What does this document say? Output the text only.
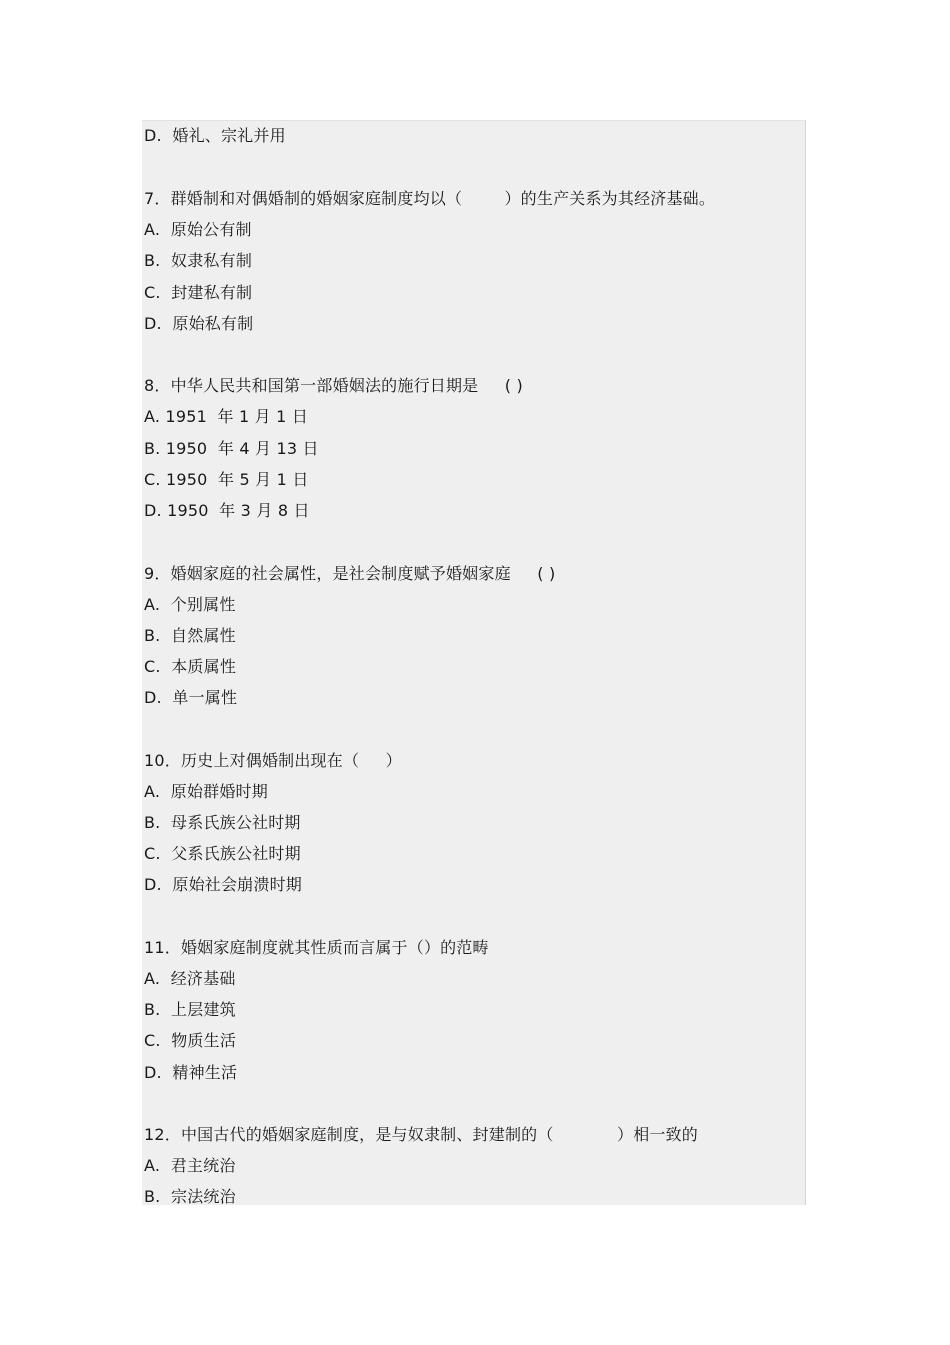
D.  婚礼、宗礼并用
7．群婚制和对偶婚制的婚姻家庭制度均以（        ）的生产关系为其经济基础。
A.  原始公有制
B.  奴隶私有制
C.  封建私有制
D.  原始私有制
8．中华人民共和国第一部婚姻法的施行日期是     ( )
A. 1951  年 1 月 1 日
B. 1950  年 4 月 13 日
C. 1950  年 5 月 1 日
D. 1950  年 3 月 8 日
9．婚姻家庭的社会属性，是社会制度赋予婚姻家庭     ( )
A.  个别属性
B.  自然属性
C.  本质属性
D.  单一属性
10．历史上对偶婚制出现在（     ）
A.  原始群婚时期
B.  母系氏族公社时期
C.  父系氏族公社时期
D.  原始社会崩溃时期
11．婚姻家庭制度就其性质而言属于（）的范畴
A.  经济基础
B.  上层建筑
C.  物质生活
D.  精神生活
12．中国古代的婚姻家庭制度，是与奴隶制、封建制的（            ）相一致的
A.  君主统治
B.  宗法统治
